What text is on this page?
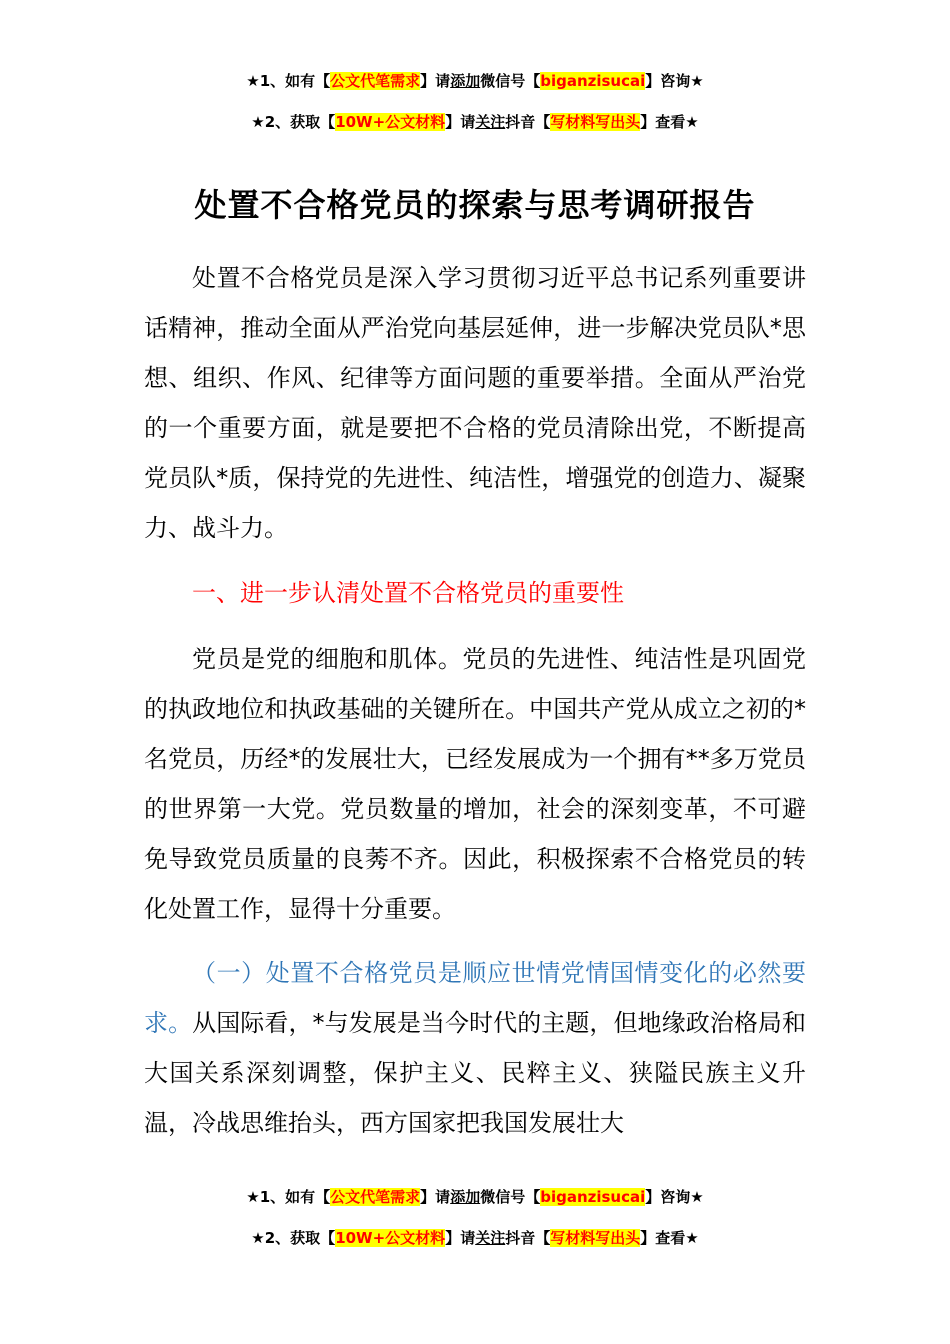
★1、如有【公文代笔需求】请添加微信号【biganzisucai】咨询★
★2、获取【10W+公文材料】请关注抖音【写材料写出头】查看★
处置不合格党员的探索与思考调研报告
处置不合格党员是深入学习贯彻习近平总书记系列重要讲话精神，推动全面从严治党向基层延伸，进一步解决党员队*思想、组织、作风、纪律等方面问题的重要举措。全面从严治党的一个重要方面，就是要把不合格的党员清除出党，不断提高党员队*质，保持党的先进性、纯洁性，增强党的创造力、凝聚力、战斗力。
一、进一步认清处置不合格党员的重要性
党员是党的细胞和肌体。党员的先进性、纯洁性是巩固党的执政地位和执政基础的关键所在。中国共产党从成立之初的*名党员，历经*的发展壮大，已经发展成为一个拥有**多万党员的世界第一大党。党员数量的增加，社会的深刻变革，不可避免导致党员质量的良莠不齐。因此，积极探索不合格党员的转化处置工作，显得十分重要。
（一）处置不合格党员是顺应世情党情国情变化的必然要求。从国际看，*与发展是当今时代的主题，但地缘政治格局和大国关系深刻调整，保护主义、民粹主义、狭隘民族主义升温，冷战思维抬头，西方国家把我国发展壮大
★1、如有【公文代笔需求】请添加微信号【biganzisucai】咨询★
★2、获取【10W+公文材料】请关注抖音【写材料写出头】查看★
